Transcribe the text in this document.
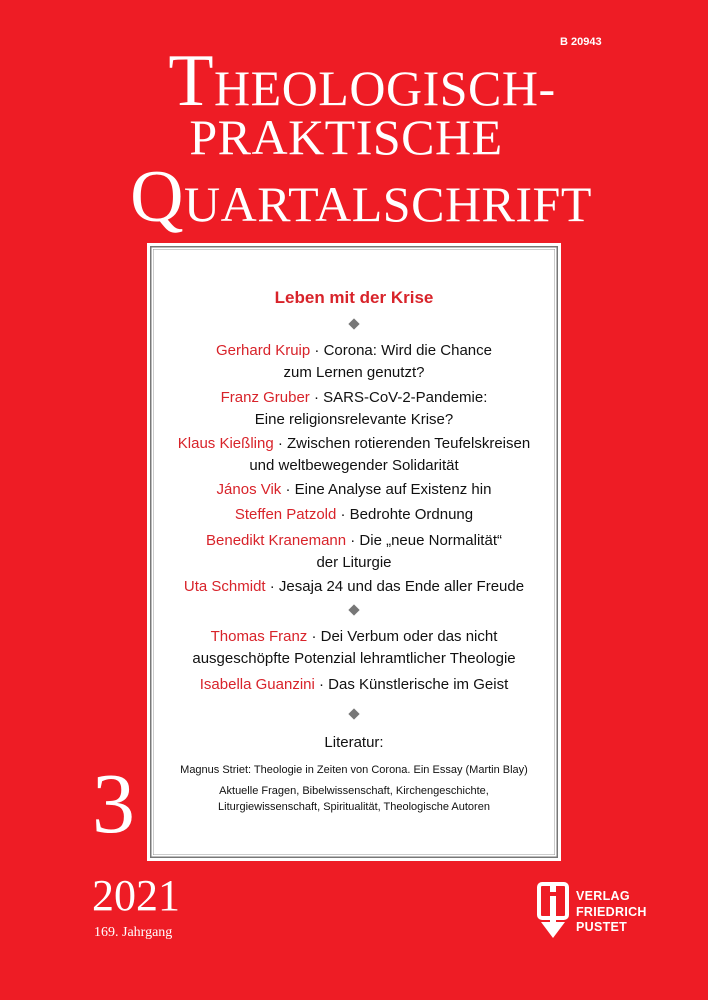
B 20943
THEOLOGISCH-
PRAKTISCHE
QUARTALSCHRIFT
Leben mit der Krise
Gerhard Kruip · Corona: Wird die Chance
zum Lernen genutzt?
Franz Gruber · SARS-CoV-2-Pandemie:
Eine religionsrelevante Krise?
Klaus Kießling · Zwischen rotierenden Teufelskreisen
und weltbewegender Solidarität
János Vik · Eine Analyse auf Existenz hin
Steffen Patzold · Bedrohte Ordnung
Benedikt Kranemann · Die „neue Normalität“
der Liturgie
Uta Schmidt · Jesaja 24 und das Ende aller Freude
Thomas Franz · Dei Verbum oder das nicht
ausgeschöpfte Potenzial lehramtlicher Theologie
Isabella Guanzini · Das Künstlerische im Geist
Literatur:
Magnus Striet: Theologie in Zeiten von Corona. Ein Essay (Martin Blay)
Aktuelle Fragen, Bibelwissenschaft, Kirchengeschichte,
Liturgiewissenschaft, Spiritualität, Theologische Autoren
3
2021
169. Jahrgang
VERLAG
FRIEDRICH
PUSTET
